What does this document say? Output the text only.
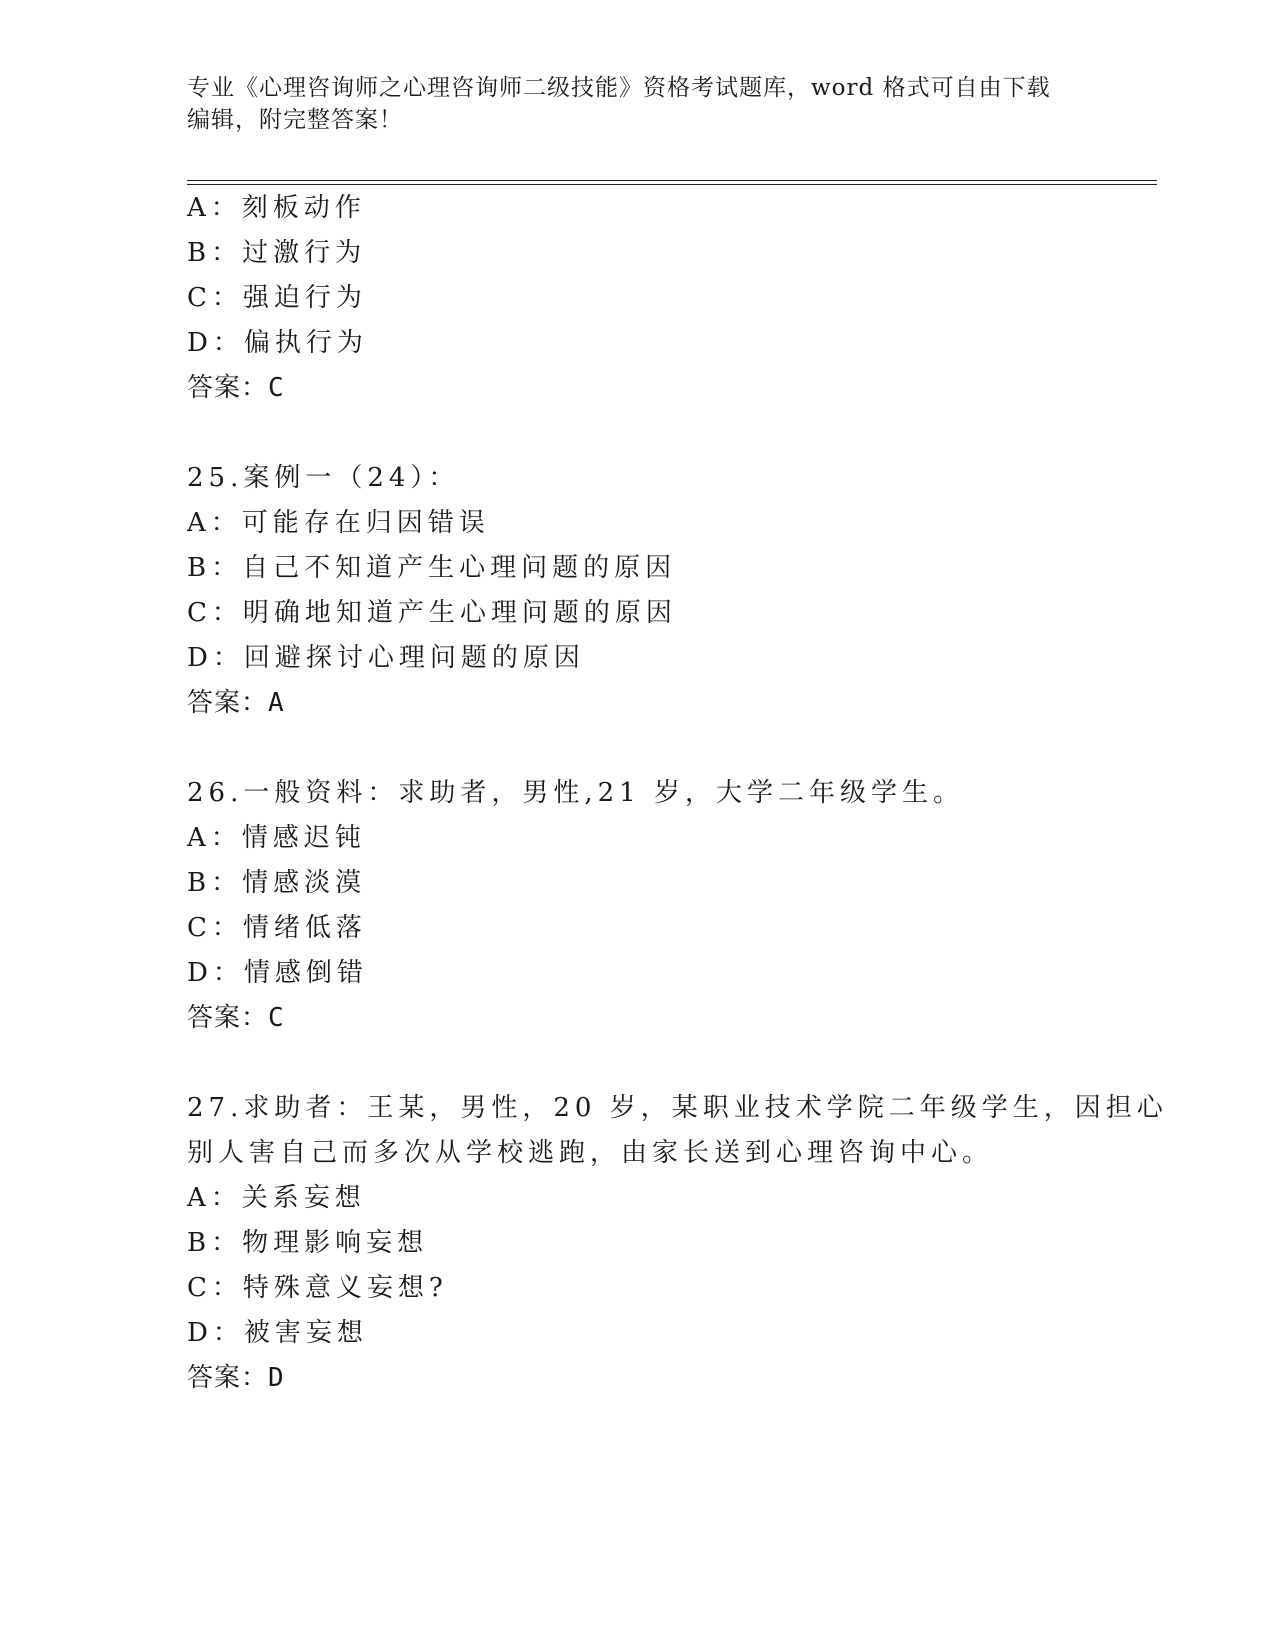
专业《心理咨询师之心理咨询师二级技能》资格考试题库，word 格式可自由下载
编辑，附完整答案！
A：刻板动作
B：过激行为
C：强迫行为
D：偏执行为
答案：C
25.案例一（24）：
A：可能存在归因错误
B：自己不知道产生心理问题的原因
C：明确地知道产生心理问题的原因
D：回避探讨心理问题的原因
答案：A
26.一般资料：求助者，男性,21 岁，大学二年级学生。
A：情感迟钝
B：情感淡漠
C：情绪低落
D：情感倒错
答案：C
27.求助者：王某，男性，20 岁，某职业技术学院二年级学生，因担心
别人害自己而多次从学校逃跑，由家长送到心理咨询中心。
A：关系妄想
B：物理影响妄想
C：特殊意义妄想?
D：被害妄想
答案：D
